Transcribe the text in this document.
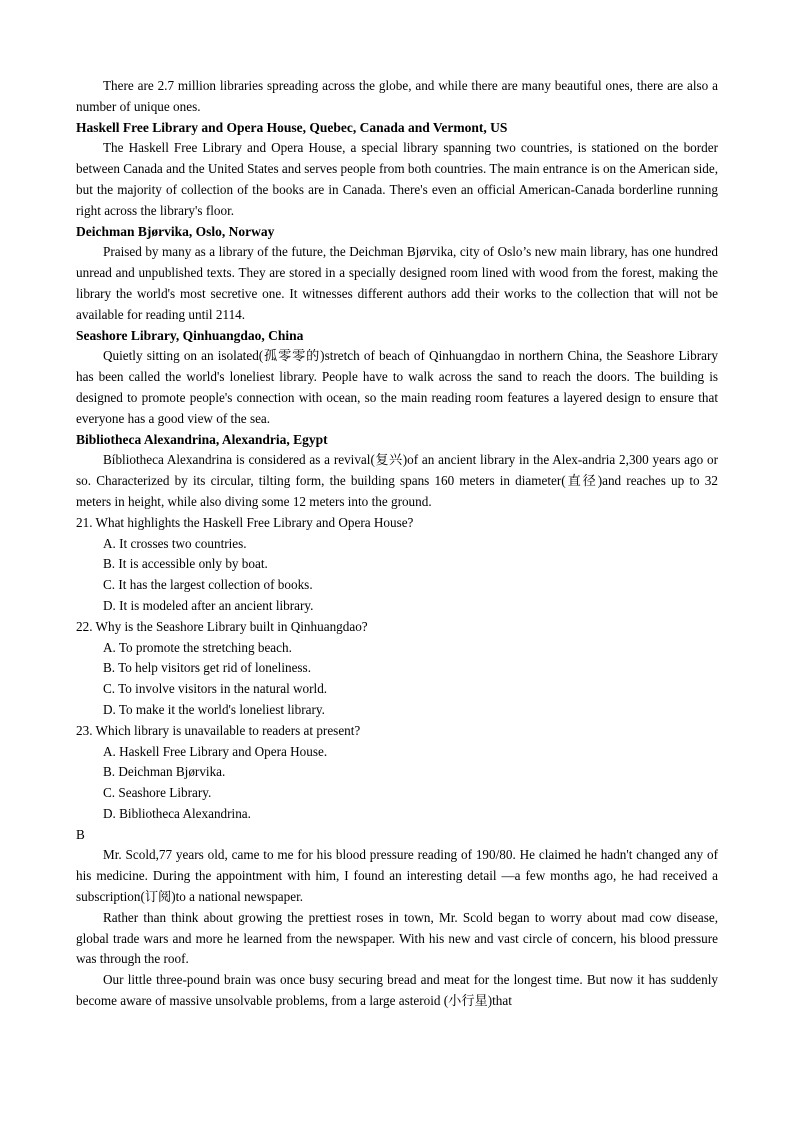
There are 2.7 million libraries spreading across the globe, and while there are many beautiful ones, there are also a number of unique ones.

Haskell Free Library and Opera House, Quebec, Canada and Vermont, US

The Haskell Free Library and Opera House, a special library spanning two countries, is stationed on the border between Canada and the United States and serves people from both countries. The main entrance is on the American side, but the majority of collection of the books are in Canada. There's even an official American-Canada borderline running right across the library's floor.

Deichman Bjørvika, Oslo, Norway

Praised by many as a library of the future, the Deichman Bjørvika, city of Oslo’s new main library, has one hundred unread and unpublished texts. They are stored in a specially designed room lined with wood from the forest, making the library the world's most secretive one. It witnesses different authors add their works to the collection that will not be available for reading until 2114.

Seashore Library, Qinhuangdao, China

Quietly sitting on an isolated(孤零零的)stretch of beach of Qinhuangdao in northern China, the Seashore Library has been called the world's loneliest library. People have to walk across the sand to reach the doors. The building is designed to promote people's connection with ocean, so the main reading room features a layered design to ensure that everyone has a good view of the sea.

Bibliotheca Alexandrina, Alexandria, Egypt

Bíbliotheca Alexandrina is considered as a revival(复兴)of an ancient library in the Alex-andria 2,300 years ago or so. Characterized by its circular, tilting form, the building spans 160 meters in diameter(直径)and reaches up to 32 meters in height, while also diving some 12 meters into the ground.

21. What highlights the Haskell Free Library and Opera House?

A. It crosses two countries.

B. It is accessible only by boat.

C. It has the largest collection of books.

D. It is modeled after an ancient library.

22. Why is the Seashore Library built in Qinhuangdao?

A. To promote the stretching beach.

B. To help visitors get rid of loneliness.

C. To involve visitors in the natural world.

D. To make it the world's loneliest library.

23. Which library is unavailable to readers at present?

A. Haskell Free Library and Opera House.

B. Deichman Bjørvika.

C. Seashore Library.

D. Bibliotheca Alexandrina.

B

Mr. Scold,77 years old, came to me for his blood pressure reading of 190/80. He claimed he hadn't changed any of his medicine. During the appointment with him, I found an interesting detail —a few months ago, he had received a subscription(订阅)to a national newspaper.

Rather than think about growing the prettiest roses in town, Mr. Scold began to worry about mad cow disease, global trade wars and more he learned from the newspaper. With his new and vast circle of concern, his blood pressure was through the roof.

Our little three-pound brain was once busy securing bread and meat for the longest time. But now it has suddenly become aware of massive unsolvable problems, from a large asteroid (小行星)that
